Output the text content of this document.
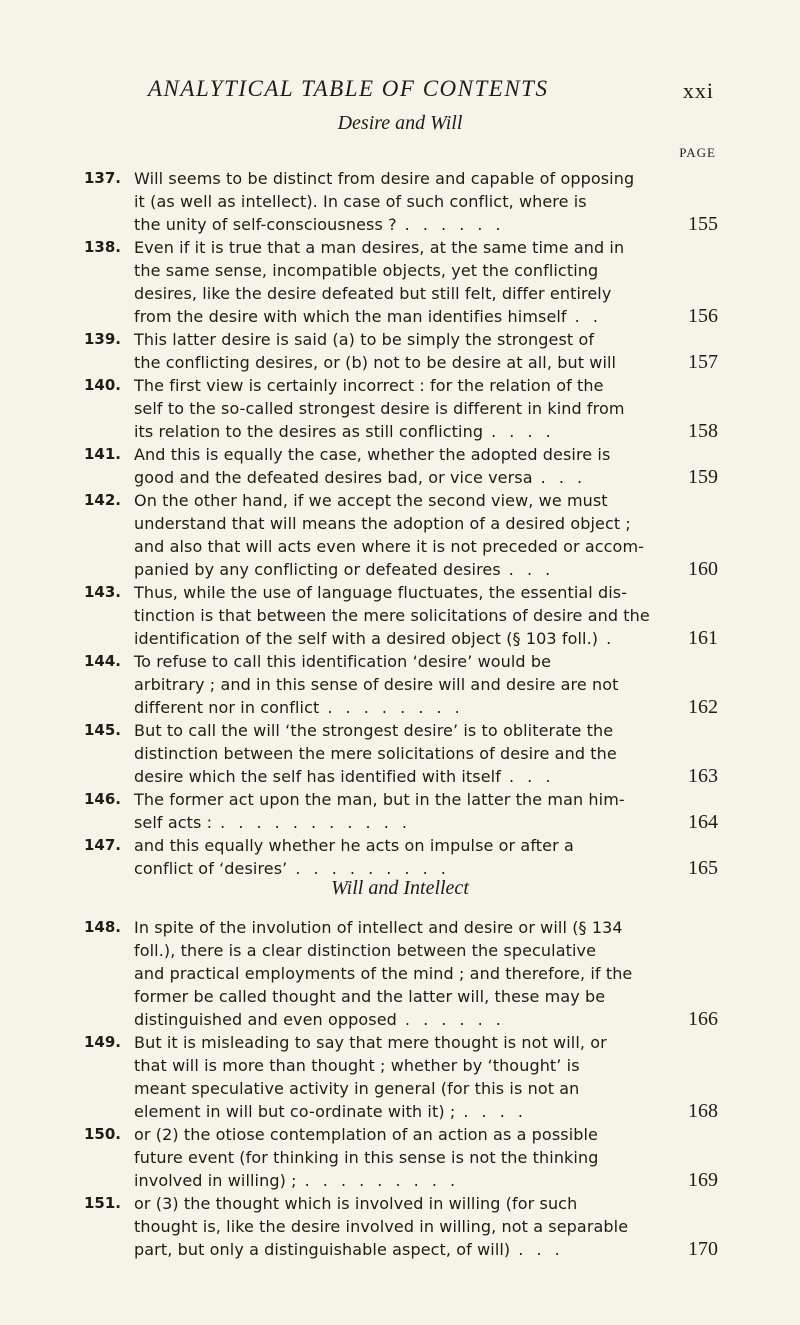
ANALYTICAL TABLE OF CONTENTS	xxi
Desire and Will
PAGE
Will and Intellect
137. Will seems to be distinct from desire and capable of opposing
it (as well as intellect). In case of such conflict, where is
the unity of self-consciousness ? . . . . . .	155
138. Even if it is true that a man desires, at the same time and in
the same sense, incompatible objects, yet the conflicting
desires, like the desire defeated but still felt, differ entirely
from the desire with which the man identifies himself . .	156
139. This latter desire is said (a) to be simply the strongest of
the conflicting desires, or (b) not to be desire at all, but will	157
140. The first view is certainly incorrect : for the relation of the
self to the so-called strongest desire is different in kind from
its relation to the desires as still conflicting . . . .	158
141. And this is equally the case, whether the adopted desire is
good and the defeated desires bad, or vice versa . . .	159
142. On the other hand, if we accept the second view, we must
understand that will means the adoption of a desired object ;
and also that will acts even where it is not preceded or accom-
panied by any conflicting or defeated desires . . .	160
143. Thus, while the use of language fluctuates, the essential dis-
tinction is that between the mere solicitations of desire and the
identification of the self with a desired object (§ 103 foll.) .	161
144. To refuse to call this identification ‘desire’ would be
arbitrary ; and in this sense of desire will and desire are not
different nor in conflict . . . . . . . .	162
145. But to call the will ‘the strongest desire’ is to obliterate the
distinction between the mere solicitations of desire and the
desire which the self has identified with itself . . .	163
146. The former act upon the man, but in the latter the man him-
self acts : . . . . . . . . . . .	164
147. and this equally whether he acts on impulse or after a
conflict of ‘desires’ . . . . . . . . .	165
148. In spite of the involution of intellect and desire or will (§ 134
foll.), there is a clear distinction between the speculative
and practical employments of the mind ; and therefore, if the
former be called thought and the latter will, these may be
distinguished and even opposed . . . . . .	166
149. But it is misleading to say that mere thought is not will, or
that will is more than thought ; whether by ‘thought’ is
meant speculative activity in general (for this is not an
element in will but co-ordinate with it) ; . . . .	168
150. or (2) the otiose contemplation of an action as a possible
future event (for thinking in this sense is not the thinking
involved in willing) ; . . . . . . . . .	169
151. or (3) the thought which is involved in willing (for such
thought is, like the desire involved in willing, not a separable
part, but only a distinguishable aspect, of will) . . .	170
